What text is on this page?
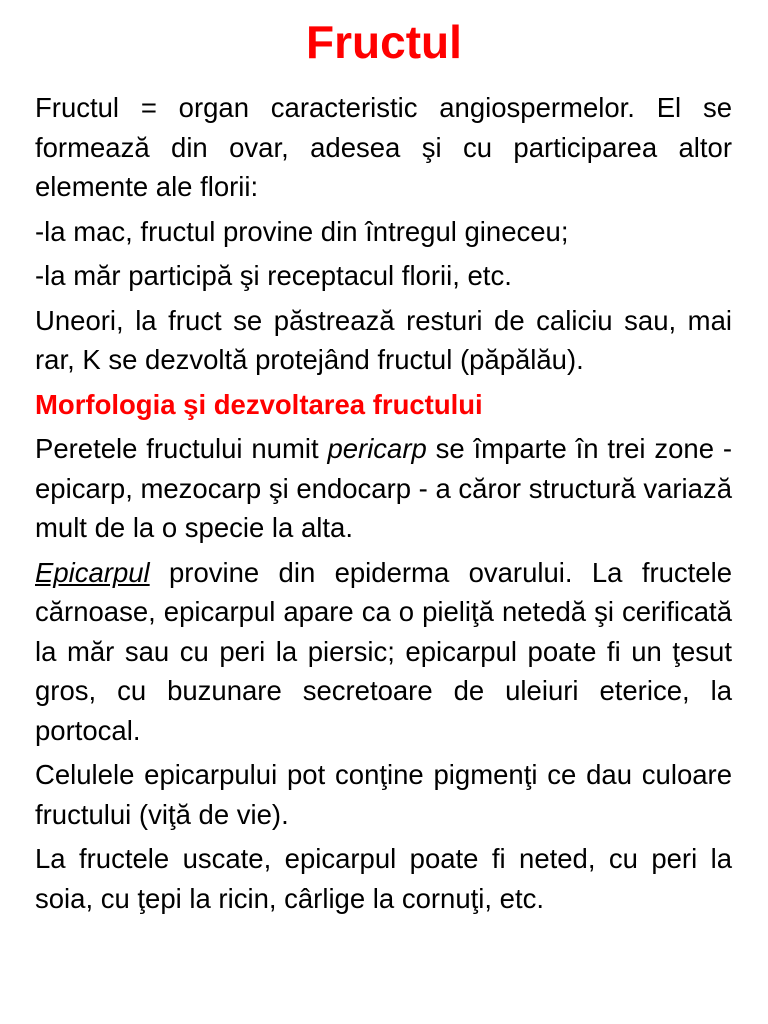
Fructul

Fructul = organ caracteristic angiospermelor. El se formează din ovar, adesea şi cu participarea altor elemente ale florii:

-la mac, fructul provine din întregul gineceu;

-la măr participă şi receptacul florii, etc.

Uneori, la fruct se păstrează resturi de caliciu sau, mai rar, K se dezvoltă protejând fructul (păpălău).

Morfologia şi dezvoltarea fructului

Peretele fructului numit pericarp se împarte în trei zone - epicarp, mezocarp şi endocarp - a căror structură variază mult de la o specie la alta.

Epicarpul provine din epiderma ovarului. La fructele cărnoase, epicarpul apare ca o pieliţă netedă şi cerificată la măr sau cu peri la piersic; epicarpul poate fi un ţesut gros, cu buzunare secretoare de uleiuri eterice, la portocal.

Celulele epicarpului pot conţine pigmenţi ce dau culoare fructului (viţă de vie).

La fructele uscate, epicarpul poate fi neted, cu peri la soia, cu ţepi la ricin, cârlige la cornuţi, etc.
